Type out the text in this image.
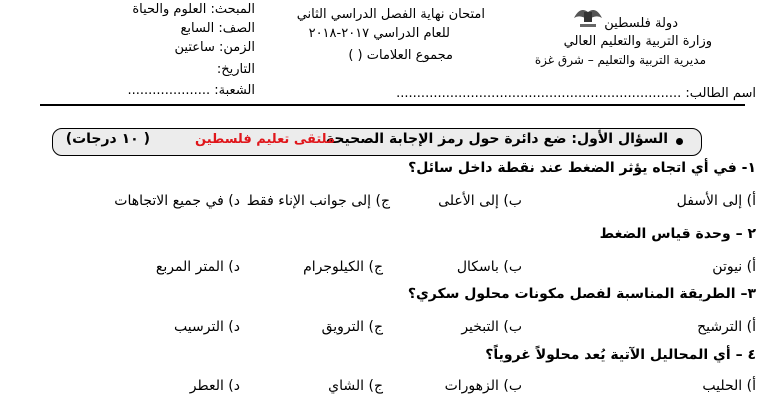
دولة فلسطين
وزارة التربية والتعليم العالي
مديرية التربية والتعليم – شرق غزة
امتحان نهاية الفصل الدراسي الثاني
للعام الدراسي ٢٠١٧-٢٠١٨
مجموع العلامات ( )
المبحث: العلوم والحياة
الصف: السابع
الزمن: ساعتين
التاريخ:
الشعبة: ....................	اسم الطالب: .....................................................................
السؤال الأول: ضع دائرة حول رمز الإجابة الصحيحة
ملتقى تعليم فلسطين
( ١٠ درجات)
١- في أي اتجاه يؤثر الضغط عند نقطة داخل سائل؟
أ) إلى الأسفل
ب) إلى الأعلى
ج) إلى جوانب الإناء فقط
د) في جميع الاتجاهات
٢ – وحدة قياس الضغط
أ) نيوتن
ب) باسكال
ج) الكيلوجرام
د) المتر المربع
٣– الطريقة المناسبة لفصل مكونات محلول سكري؟
أ) الترشيح
ب) التبخير
ج) الترويق
د) الترسيب
٤ – أي المحاليل الآتية يُعد محلولاً غروياً؟
أ) الحليب
ب) الزهورات
ج) الشاي
د) العطر
